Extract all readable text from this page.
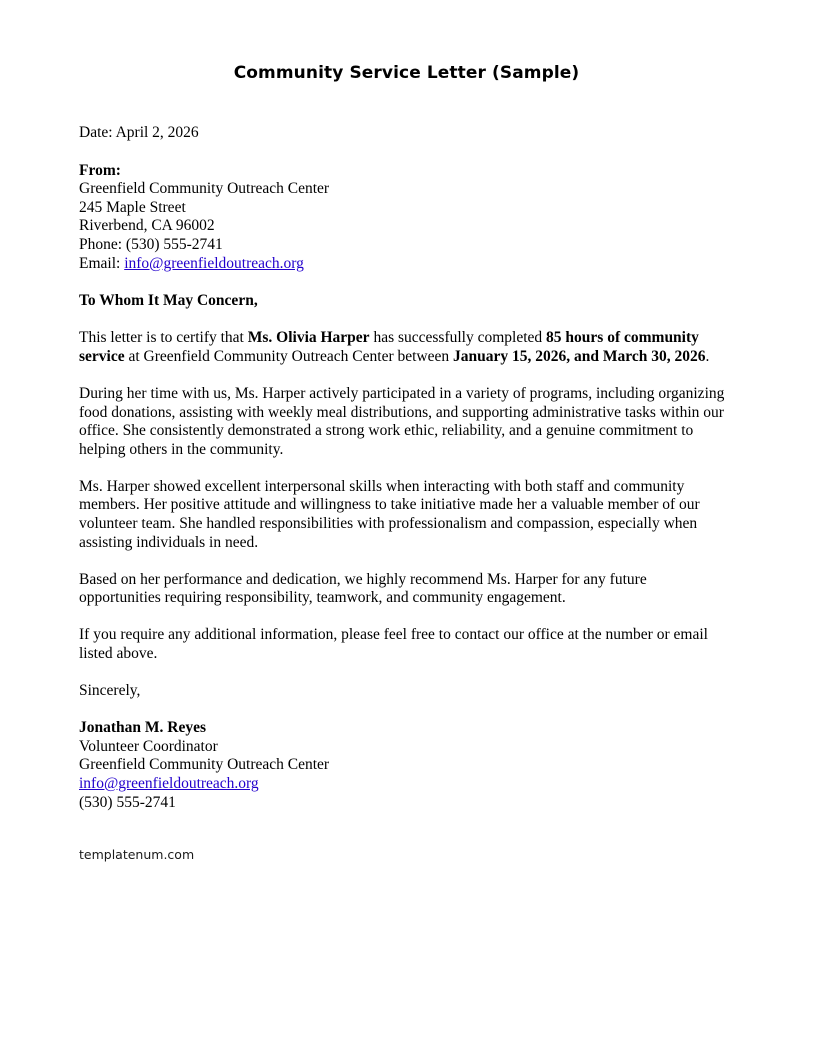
Community Service Letter (Sample)

Date: April 2, 2026

From:
Greenfield Community Outreach Center
245 Maple Street
Riverbend, CA 96002
Phone: (530) 555-2741
Email: info@greenfieldoutreach.org

To Whom It May Concern,

This letter is to certify that Ms. Olivia Harper has successfully completed 85 hours of community service at Greenfield Community Outreach Center between January 15, 2026, and March 30, 2026.

During her time with us, Ms. Harper actively participated in a variety of programs, including organizing food donations, assisting with weekly meal distributions, and supporting administrative tasks within our office. She consistently demonstrated a strong work ethic, reliability, and a genuine commitment to helping others in the community.

Ms. Harper showed excellent interpersonal skills when interacting with both staff and community members. Her positive attitude and willingness to take initiative made her a valuable member of our volunteer team. She handled responsibilities with professionalism and compassion, especially when assisting individuals in need.

Based on her performance and dedication, we highly recommend Ms. Harper for any future opportunities requiring responsibility, teamwork, and community engagement.

If you require any additional information, please feel free to contact our office at the number or email listed above.

Sincerely,

Jonathan M. Reyes
Volunteer Coordinator
Greenfield Community Outreach Center
info@greenfieldoutreach.org
(530) 555-2741
templatenum.com
